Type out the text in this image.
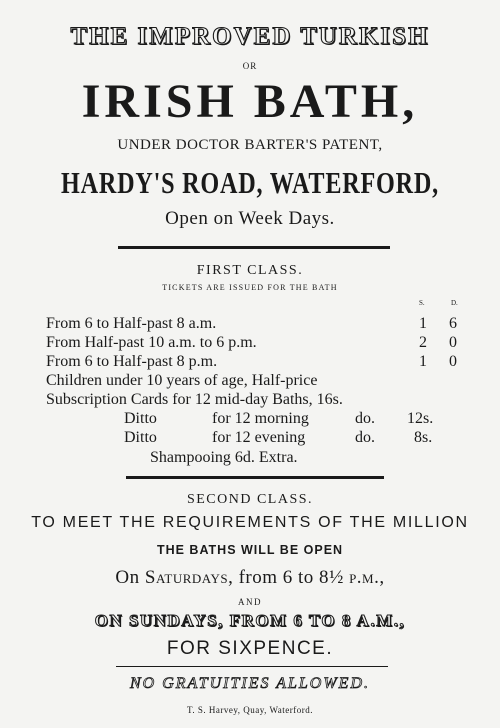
THE IMPROVED TURKISH
OR
IRISH BATH,
UNDER DOCTOR BARTER'S PATENT,
HARDY'S ROAD, WATERFORD,
Open on Week Days.
FIRST CLASS.
TICKETS ARE ISSUED FOR THE BATH
S.	D.
From 6 to Half-past 8 a.m.	1 6
From Half-past 10 a.m. to 6 p.m.	2 0
From 6 to Half-past 8 p.m.	1 0
Children under 10 years of age, Half-price
Subscription Cards for 12 mid-day Baths, 16s.
Ditto	for 12 morning	do. 12s.
Ditto	for 12 evening	do. 8s.
Shampooing 6d. Extra.
SECOND CLASS.
TO MEET THE REQUIREMENTS OF THE MILLION
THE BATHS WILL BE OPEN
On Saturdays, from 6 to 8½ p.m.,
AND
ON SUNDAYS, FROM 6 TO 8 A.M.,
FOR SIXPENCE.
NO GRATUITIES ALLOWED.
T. S. Harvey, Quay, Waterford.
